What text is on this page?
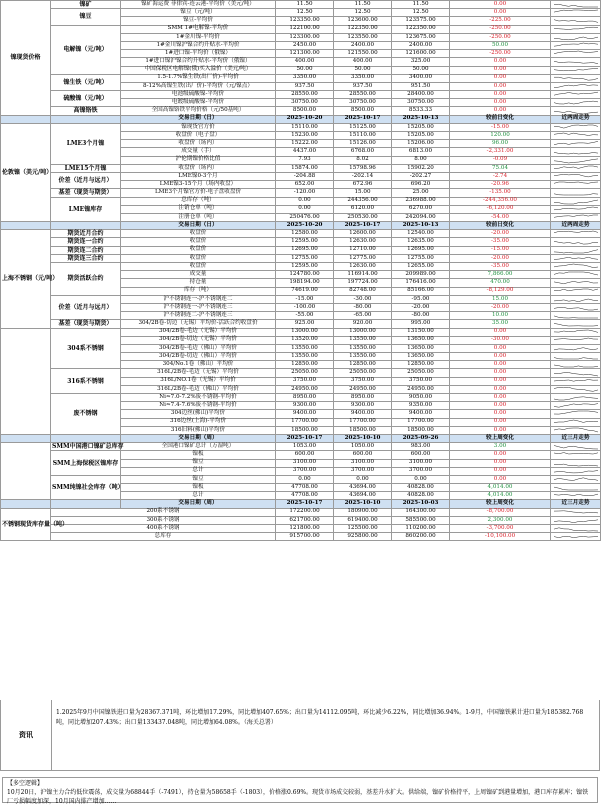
镍现货价格	镍矿	镍矿海运费 菲律宾-连云港-平均价（美元/吨）	11.50	11.50	11.50	0.00	

	镍豆	镍豆（元/吨）	12.50	12.50	12.50	0.00	

		镍豆-平均价	123350.00	123600.00	123575.00	-225.00	

	电解镍（元/吨）	SMM 1#电解镍-平均价	122100.00	122350.00	122350.00	-250.00	

		1#金川镍-平均价	123300.00	123550.00	123675.00	-250.00	

		1#金川镍沪镍合约升贴水-平均价	2450.00	2400.00	2400.00	50.00	

		1#进口镍-平均价（俄镍）	121300.00	121550.00	121600.00	-250.00	

		1#进口镍沪镍合约升贴水-平均价（俄镍）	400.00	400.00	325.00	0.00	

		中国保税区电解镍(俄)买入溢价（美元/吨）	50.00	50.00	50.00	0.00	

	镍生铁（元/吨）	1.5-1.7%镍生铁(出厂价)-平均价	3350.00	3350.00	3400.00	0.00	

		8-12%高镍生铁(出厂价)-平均价（元/镍点）	937.50	937.50	951.50	0.00	

	硫酸镍（元/吨）	电池级硫酸镍-平均价	28550.00	28550.00	28400.00	0.00	

		电镀级硫酸镍-平均价	30750.00	30750.00	30750.00	0.00	

	高镍铬铁	全国高镍铬铁平均价格（元/50基吨）	8500.00	8500.00	8533.33	0.00	

		交易日期（日）	2025-10-20	2025-10-17	2025-10-13	较前日变化	近两周走势
伦敦镍（美元/吨）	LME3个月镍	镍现货官方价	15110.00	15125.00	15205.00	-15.00	

		收盘价（电子盘）	15230.00	15110.00	15205.00	120.00	

		收盘价（场内）	15222.00	15126.00	15206.00	96.00	

		成交量（手）	4437.00	6768.00	6813.00	-2,331.00	

		沪伦期镍价格比值	7.93	8.02	8.00	-0.09	

	LME15个月镍	收盘价（场内）	15874.00	15798.96	15902.20	75.04	

	价差（近月与远月）	LME镍0-3个月	-204.88	-202.14	-202.27	-2.74	

		LME镍3-15个月（场内收盘）	652.00	672.96	696.20	-20.96	

	基差（现货与期货）	LME3个月镍官方价-电子盘收盘价	-120.00	15.00	25.00	-135.00	

	LME镍库存	总库存（吨）	0.00	244356.00	236988.00	-244,356.00	

		注销仓单（吨）	0.00	6120.00	6270.00	-6,120.00	

		注册仓单（吨）	250476.00	250530.00	242094.00	-54.00	

		交易日期（日）	2025-10-20	2025-10-17	2025-10-13	较前日变化	近两周走势
上海不锈钢（元/吨）	期货近月合约	收盘价	12580.00	12600.00	12540.00	-20.00	

	期货连一合约	收盘价	12595.00	12630.00	12635.00	-35.00	

	期货连二合约	收盘价	12695.00	12710.00	12695.00	-15.00	

	期货连三合约	收盘价	12755.00	12775.00	12755.00	-20.00	

	期货活跃合约	收盘价	12595.00	12630.00	12655.00	-35.00	

		成交量	124780.00	116914.00	209989.00	7,866.00	

		持仓量	198194.00	197724.00	176416.00	470.00	

		库存（吨）	74619.00	82748.00	85166.00	-8,129.00	

	价差（近月与远月）	沪不锈钢连一-沪不锈钢连二	-15.00	-30.00	-95.00	15.00	

		沪不锈钢连一-沪不锈钢连三	-100.00	-80.00	-20.00	-20.00	

		沪不锈钢连二-沪不锈钢连三	-55.00	-65.00	-80.00	10.00	

	基差（现货与期货）	304/2B卷-切边（无锡）平均价-活跃合约收盘价	925.00	920.00	995.00	35.00	

	304系不锈钢	304/2B卷-毛边（无锡）平均价	13000.00	13000.00	13150.00	0.00	

		304/2B卷-切边（无锡）平均价	13520.00	13550.00	13650.00	-30.00	

		304/2B卷-毛边（佛山）平均价	13550.00	13550.00	13650.00	0.00	

		304/2B卷-切边（佛山）平均价	13550.00	13550.00	13650.00	0.00	

		304/No.1卷（佛山）平均价	12850.00	12850.00	12850.00	0.00	

	316系不锈钢	316L/2B卷-毛边（无锡）平均价	25050.00	25050.00	25050.00	0.00	

		316L/NO.1卷（无锡）平均价	3750.00	3750.00	3750.00	0.00	

		316L/2B卷-毛边（佛山）平均价	24950.00	24950.00	24950.00	0.00	

	废不锈钢	Ni≈7.0-7.2%废不锈钢-平均价	8950.00	8950.00	9050.00	0.00	

		Ni≈7.4-7.6%废不锈钢-平均价	9300.00	9300.00	9350.00	0.00	

		304边丝(佛山)平均价	9400.00	9400.00	9400.00	0.00	

		316边丝(上海)-平均价	17700.00	17700.00	17700.00	0.00	

		316旧料(佛山)平均价	18500.00	18500.00	18500.00	0.00	

		交易日期（周）	2025-10-17	2025-10-10	2025-09-26	较上周变化	近三月走势
	SMM中国港口镍矿总库存	全国港口镍矿总计（万湿吨）	1053.00	1050.00	983.00	3.00	

	SMM上海保税区镍库存	镍板	600.00	600.00	600.00	0.00	

		镍豆	3100.00	3100.00	3100.00	0.00	

		总计	3700.00	3700.00	3700.00	0.00	

	SMM纯镍社会库存（吨）	镍豆	0.00	0.00	0.00	0.00	

		镍板	47708.00	43694.00	40828.00	4,014.00	

		总计	47708.00	43694.00	40828.00	4,014.00	

		交易日期（周）	2025-10-17	2025-10-10	2025-10-03	较上周变化	近三月走势
不锈钢现货库存量（吨）	200系不锈钢		172200.00	180900.00	164300.00	-8,700.00	

	300系不锈钢		621700.00	619400.00	585500.00	2,300.00	

	400系不锈钢		121800.00	125500.00	110200.00	-3,700.00	

	总库存		915700.00	925800.00	860200.00	-10,100.00	
资讯
1.2025年9月中国镍铁进口量为28367.371吨，环比增加17.29%，同比增加407.65%；出口量为14112.095吨，环比减少6.22%，同比增加36.94%。1-9月，中国镍铁累计进口量为185382.768吨，同比增加207.43%；出口量133437.048吨，同比增加64.08%。（海关总署）
【多空逻辑】
10月20日，沪镍主力合约低位震荡，成交量为68844手（-7491），持仓量为58658手（-1803），价格涨0.69%。现货市场成交较弱，基差升水扩大。供给端，镍矿价格持平，上周镍矿到港量增加，港口库存累库；镍铁厂亏损幅度加深，10月国内排产增加……
